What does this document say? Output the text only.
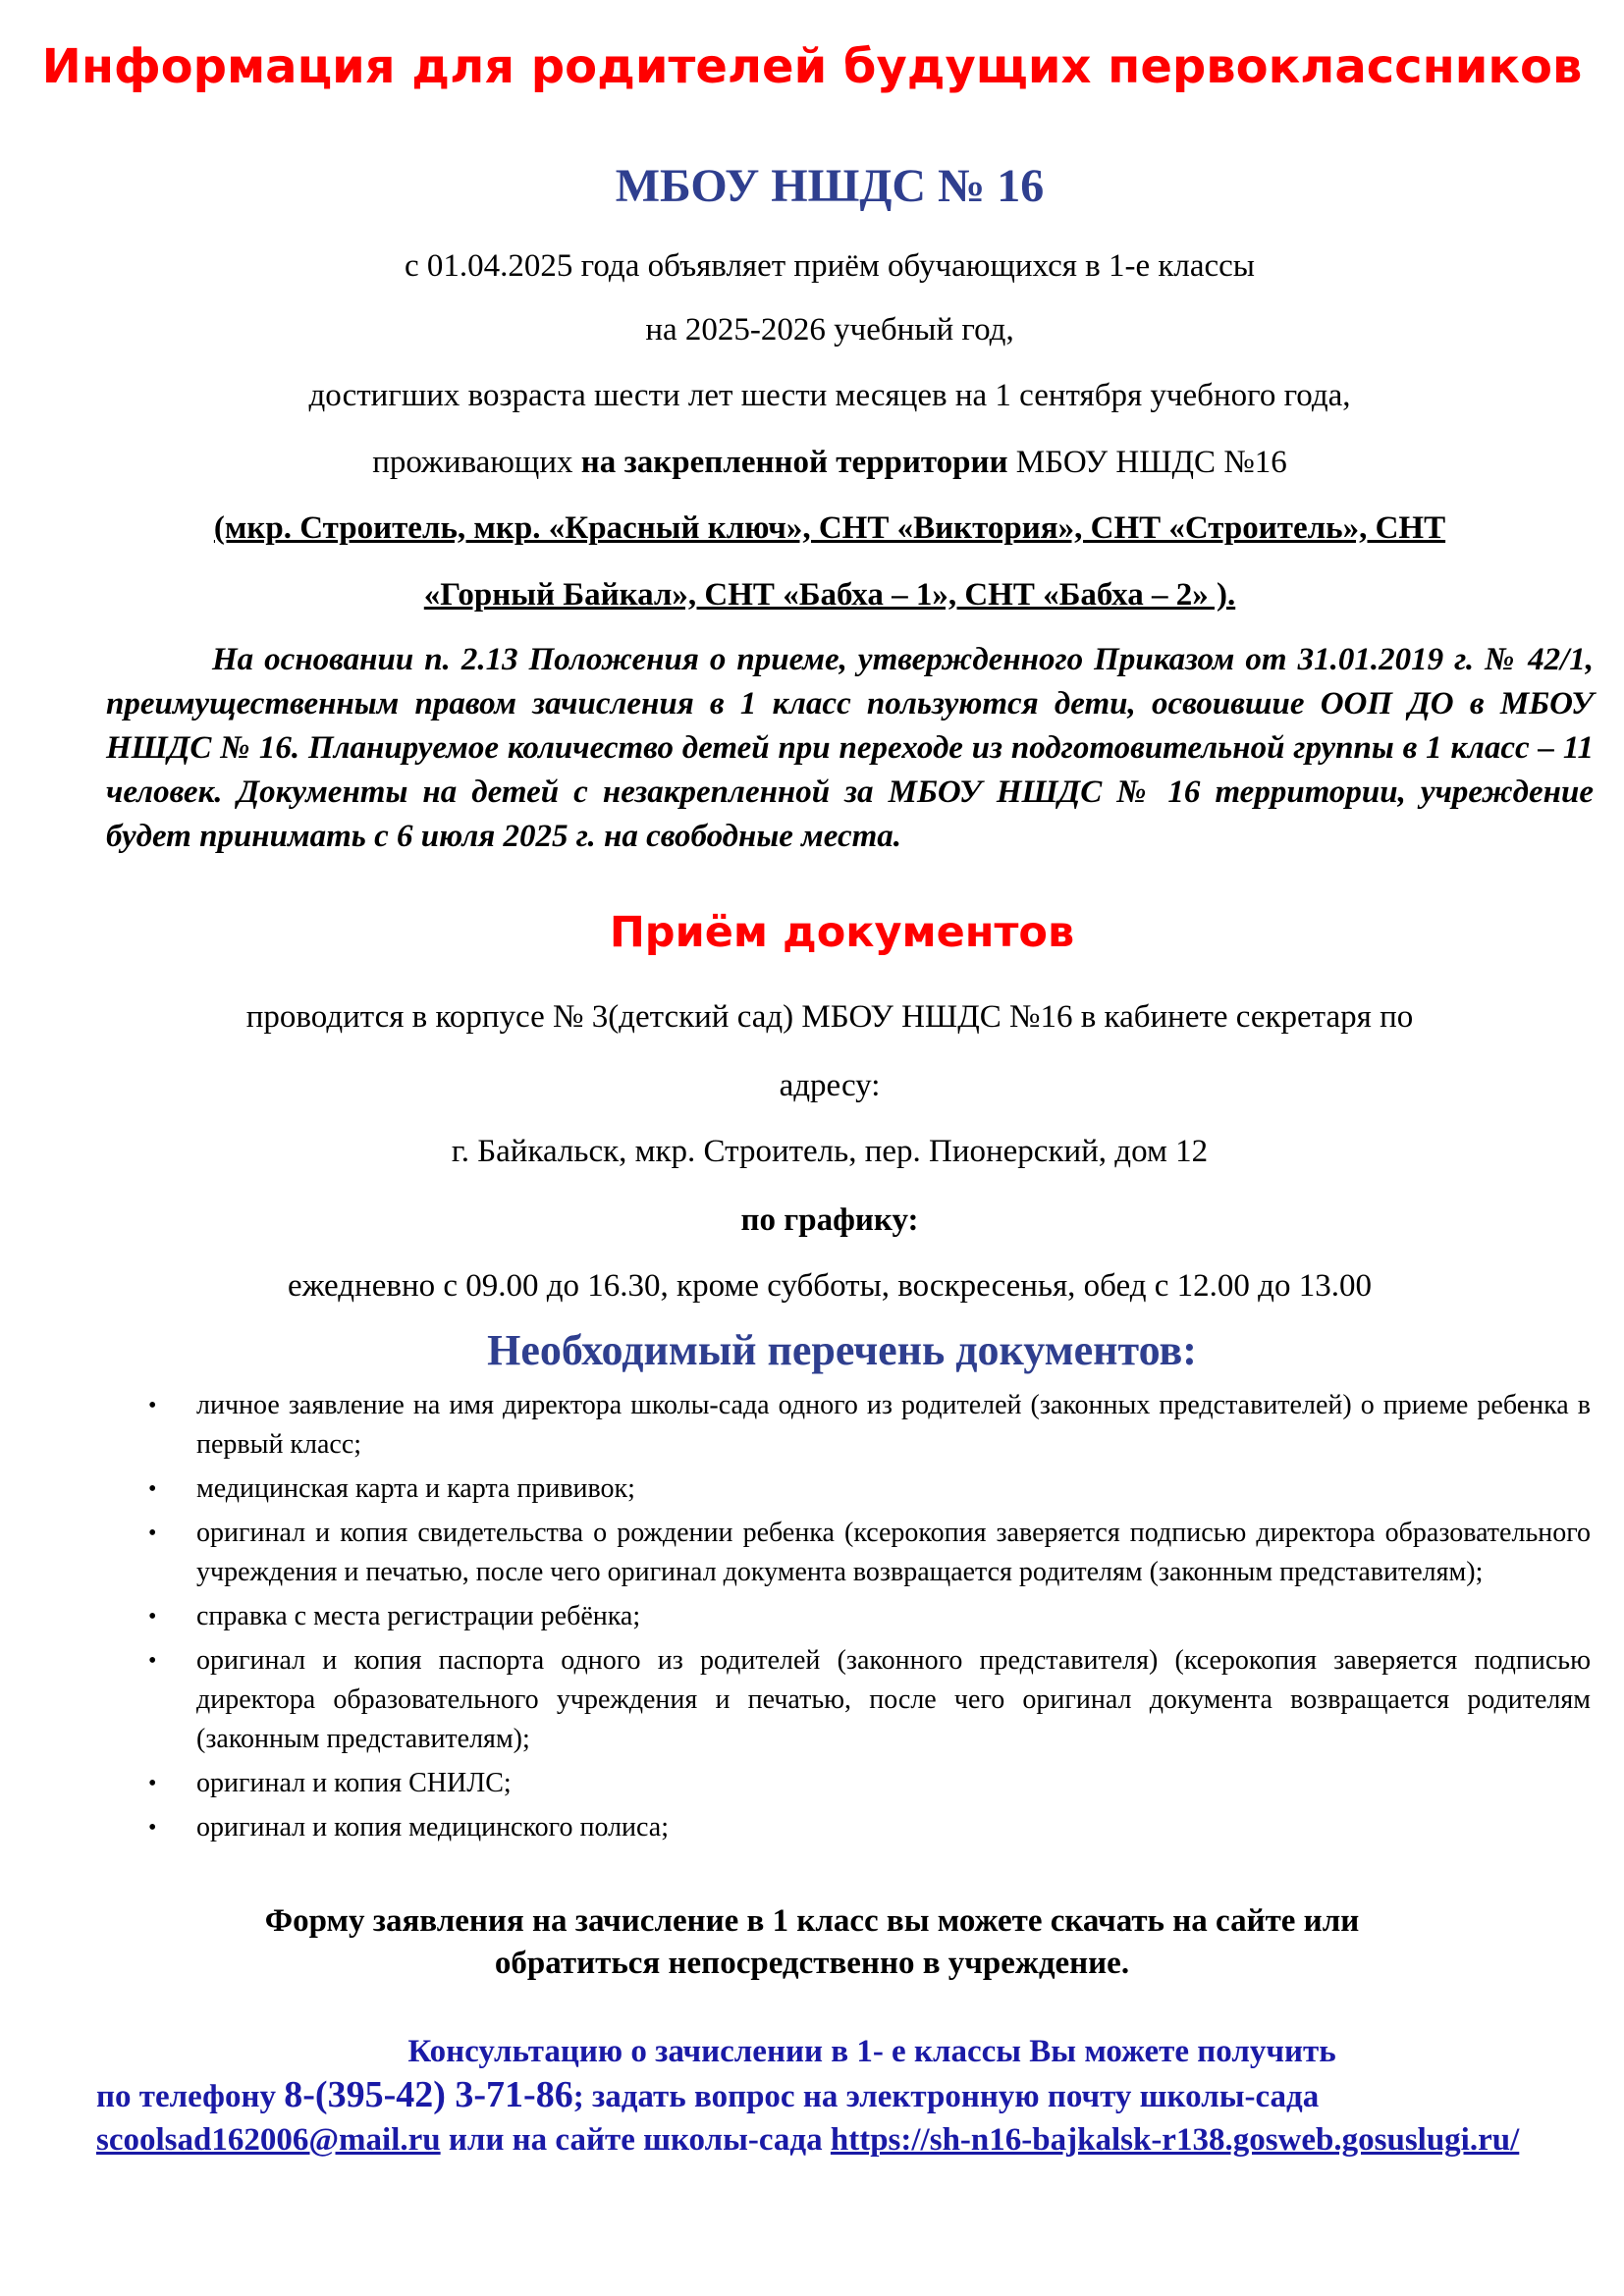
Информация для родителей будущих первоклассников
МБОУ НШДС № 16
с 01.04.2025 года объявляет приём обучающихся в 1-е классы
на 2025-2026 учебный год,
достигших возраста шести лет шести месяцев на 1 сентября учебного года,
проживающих на закрепленной территории МБОУ НШДС №16
(мкр. Строитель, мкр. «Красный ключ», СНТ «Виктория», СНТ «Строитель», СНТ
«Горный Байкал», СНТ «Бабха – 1», СНТ «Бабха – 2» ).
На основании п. 2.13 Положения о приеме, утвержденного Приказом от 31.01.2019 г. № 42/1, преимущественным правом зачисления в 1 класс пользуются дети, освоившие ООП ДО в МБОУ НШДС № 16. Планируемое количество детей при переходе из подготовительной группы в 1 класс – 11 человек. Документы на детей с незакрепленной за МБОУ НШДС № 16 территории, учреждение будет принимать с 6 июля 2025 г. на свободные места.
Приём документов
проводится в корпусе № 3(детский сад) МБОУ НШДС №16 в кабинете секретаря по
адресу:
г. Байкальск, мкр. Строитель, пер. Пионерский, дом 12
по графику:
ежедневно с 09.00 до 16.30, кроме субботы, воскресенья, обед с 12.00 до 13.00
Необходимый перечень документов:
• личное заявление на имя директора школы-сада одного из родителей (законных представителей) о приеме ребенка в первый класс;
• медицинская карта и карта прививок;
• оригинал и копия свидетельства о рождении ребенка (ксерокопия заверяется подписью директора образовательного учреждения и печатью, после чего оригинал документа возвращается родителям (законным представителям);
• справка с места регистрации ребёнка;
• оригинал и копия паспорта одного из родителей (законного представителя) (ксерокопия заверяется подписью директора образовательного учреждения и печатью, после чего оригинал документа возвращается родителям (законным представителям);
• оригинал и копия СНИЛС;
• оригинал и копия медицинского полиса;
Форму заявления на зачисление в 1 класс вы можете скачать на сайте или
обратиться непосредственно в учреждение.
Консультацию о зачислении в 1- е классы Вы можете получить
по телефону 8-(395-42) 3-71-86; задать вопрос на электронную почту школы-сада
scoolsad162006@mail.ru или на сайте школы-сада https://sh-n16-bajkalsk-r138.gosweb.gosuslugi.ru/
